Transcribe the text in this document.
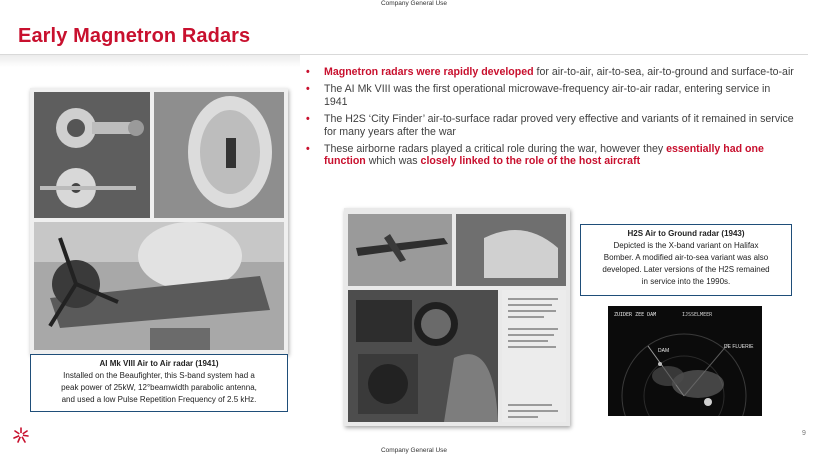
Company General Use
Early Magnetron Radars
• Magnetron radars were rapidly developed for air-to-air, air-to-sea, air-to-ground and surface-to-air
• The AI Mk VIII was the first operational microwave-frequency air-to-air radar, entering service in 1941
• The H2S ‘City Finder’ air-to-surface radar proved very effective and variants of it remained in service for many years after the war
• These airborne radars played a critical role during the war, however they essentially had one function which was closely linked to the role of the host aircraft
AI Mk VIII Air to Air radar (1941)
Installed on the Beaufighter, this S-band system had a
peak power of 25kW, 12°beamwidth parabolic antenna,
and used a low Pulse Repetition Frequency of 2.5 kHz.
H2S Air to Ground radar (1943)
Depicted is the X-band variant on Halifax
Bomber. A modified air-to-sea variant was also
developed. Later versions of the H2S remained
in service into the 1990s.
ZUIDER ZEE DAM	IJSSELMEER
DAM
DE FLUERIE
9
Company General Use
